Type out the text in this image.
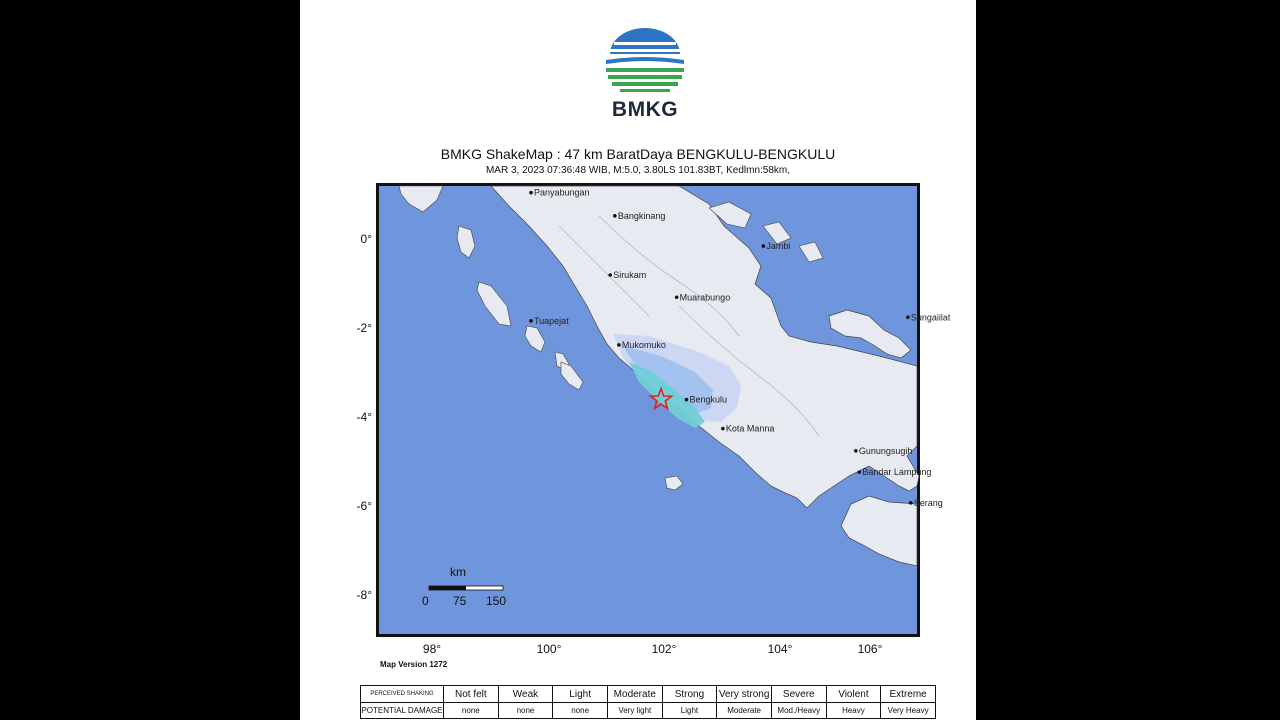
BMKG
BMKG ShakeMap : 47 km BaratDaya BENGKULU-BENGKULU
MAR 3, 2023 07:36:48 WIB, M:5.0, 3.80LS 101.83BT, Kedlmn:58km,
0°
-2°
-4°
-6°
-8°
98°	100°	102°	104°	106°
Panyabungan
Bangkinang
Jambi
Sirukam
Muarabungo
Sungaiilat
Tuapejat
Mukomuko
Bengkulu
Kota Manna
Gunungsugih
Bandar Lampung
Serang
km
0 75 150
Map Version 1272
PERCEIVED SHAKING	Not felt	Weak	Light	Moderate	Strong	Very strong	Severe	Violent	Extreme
POTENTIAL DAMAGE	none	none	none	Very light	Light	Moderate	Mod./Heavy	Heavy	Very Heavy
